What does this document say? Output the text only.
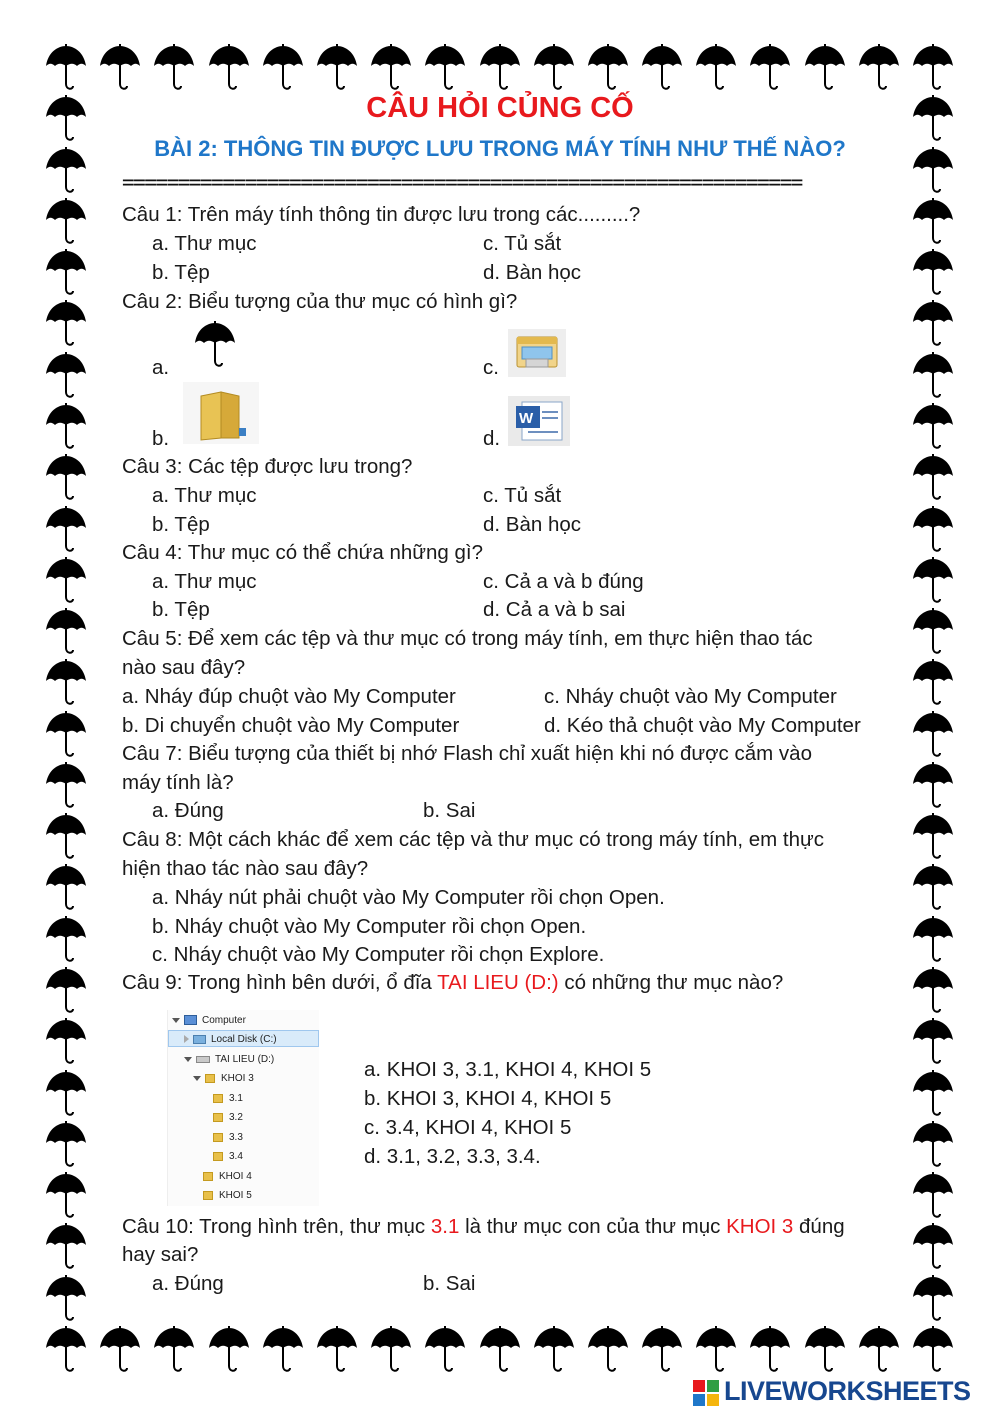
CÂU HỎI CỦNG CỐ
BÀI 2: THÔNG TIN ĐƯỢC LƯU TRONG MÁY TÍNH NHƯ THẾ NÀO?
=============================================================
Câu 1: Trên máy tính thông tin được lưu trong các.........?
a. Thư mục	c. Tủ sắt
b. Tệp	d. Bàn học
Câu 2: Biểu tượng của thư mục có hình gì?
a.	c.
b.	d.
W
Câu 3: Các tệp được lưu trong?
a. Thư mục	c. Tủ sắt
b. Tệp	d. Bàn học
Câu 4: Thư mục có thể chứa những gì?
a. Thư mục	c. Cả a và b đúng
b. Tệp	d. Cả a và b sai
Câu 5: Để xem các tệp và thư mục có trong máy tính, em thực hiện thao tác
nào sau đây?
a. Nháy đúp chuột vào My Computer	c. Nháy chuột vào My Computer
b. Di chuyển chuột vào My Computer	d. Kéo thả chuột vào My Computer
Câu 7: Biểu tượng của thiết bị nhớ Flash chỉ xuất hiện khi nó được cắm vào
máy tính là?
a. Đúng	b. Sai
Câu 8: Một cách khác để xem các tệp và thư mục có trong máy tính, em thực
hiện thao tác nào sau đây?
a. Nháy nút phải chuột vào My Computer rồi chọn Open.
b. Nháy chuột vào My Computer rồi chọn Open.
c. Nháy chuột vào My Computer rồi chọn Explore.
Câu 9: Trong hình bên dưới, ổ đĩa TAI LIEU (D:) có những thư mục nào?
Computer
Local Disk (C:)
TAI LIEU (D:)
KHOI 3
3.1
3.2
3.3
3.4
KHOI 4
KHOI 5
a. KHOI 3, 3.1, KHOI 4, KHOI 5
b. KHOI 3, KHOI 4, KHOI 5
c. 3.4, KHOI 4, KHOI 5
d. 3.1, 3.2, 3.3, 3.4.
Câu 10: Trong hình trên, thư mục 3.1 là thư mục con của thư mục KHOI 3 đúng
hay sai?
a. Đúng	b. Sai
LIVEWORKSHEETS
